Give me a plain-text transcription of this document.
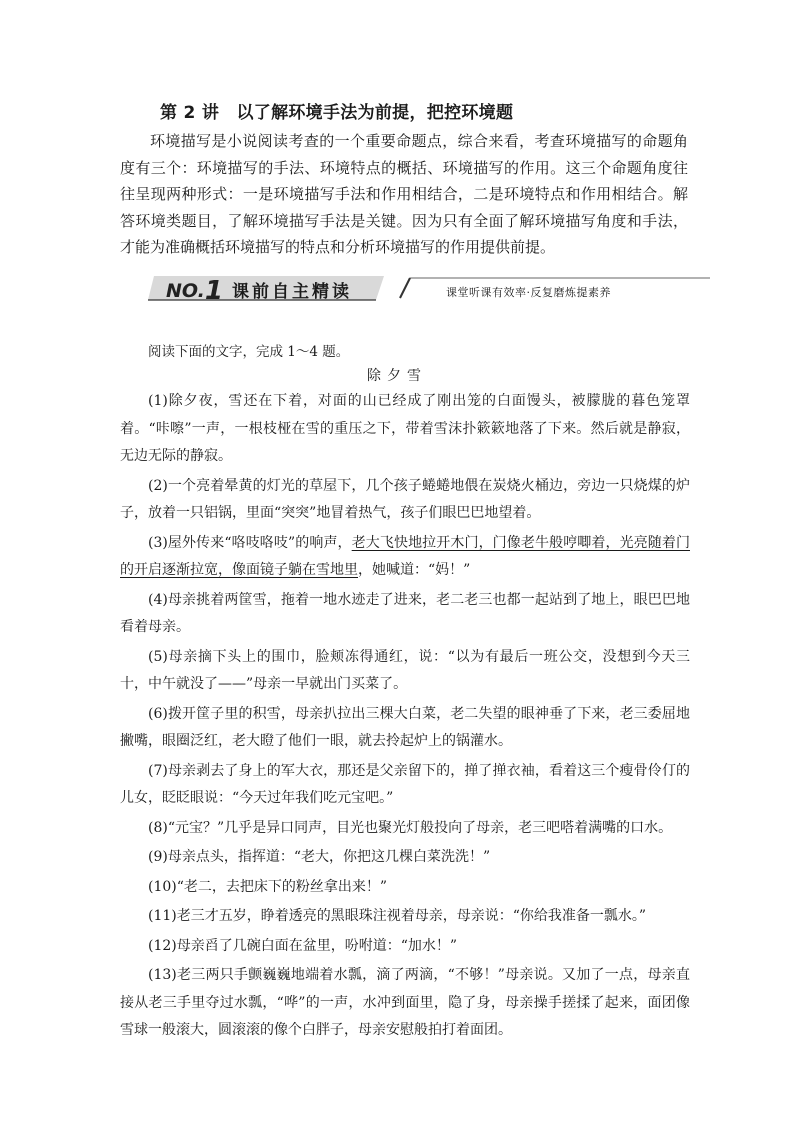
第 2 讲　以了解环境手法为前提，把控环境题

环境描写是小说阅读考查的一个重要命题点，综合来看，考查环境描写的命题角度有三个：环境描写的手法、环境特点的概括、环境描写的作用。这三个命题角度往往呈现两种形式：一是环境描写手法和作用相结合，二是环境特点和作用相结合。解答环境类题目，了解环境描写手法是关键。因为只有全面了解环境描写角度和手法，才能为准确概括环境描写的特点和分析环境描写的作用提供前提。

NO.1 课前自主精读	课堂听课有效率·反复磨炼提素养
阅读下面的文字，完成 1～4 题。
除夕雪

(1)除夕夜，雪还在下着，对面的山已经成了刚出笼的白面馒头，被朦胧的暮色笼罩着。“咔嚓”一声，一根枝桠在雪的重压之下，带着雪沫扑簌簌地落了下来。然后就是静寂，无边无际的静寂。

(2)一个亮着晕黄的灯光的草屋下，几个孩子蜷蜷地偎在炭烧火桶边，旁边一只烧煤的炉子，放着一只铝锅，里面“突突”地冒着热气，孩子们眼巴巴地望着。

(3)屋外传来“咯吱咯吱”的响声，老大飞快地拉开木门，门像老牛般哼唧着，光亮随着门的开启逐渐拉宽，像面镜子躺在雪地里，她喊道：“妈！”

(4)母亲挑着两筐雪，拖着一地水迹走了进来，老二老三也都一起站到了地上，眼巴巴地看着母亲。

(5)母亲摘下头上的围巾，脸颊冻得通红，说：“以为有最后一班公交，没想到今天三十，中午就没了——”母亲一早就出门买菜了。

(6)拨开筐子里的积雪，母亲扒拉出三棵大白菜，老二失望的眼神垂了下来，老三委屈地撇嘴，眼圈泛红，老大瞪了他们一眼，就去拎起炉上的锅灌水。

(7)母亲剥去了身上的军大衣，那还是父亲留下的，掸了掸衣袖，看着这三个瘦骨伶仃的儿女，眨眨眼说：“今天过年我们吃元宝吧。”

(8)“元宝？”几乎是异口同声，目光也聚光灯般投向了母亲，老三吧嗒着满嘴的口水。

(9)母亲点头，指挥道：“老大，你把这几棵白菜洗洗！”

(10)“老二，去把床下的粉丝拿出来！”

(11)老三才五岁，睁着透亮的黑眼珠注视着母亲，母亲说：“你给我准备一瓢水。”

(12)母亲舀了几碗白面在盆里，吩咐道：“加水！”

(13)老三两只手颤巍巍地端着水瓢，滴了两滴，“不够！”母亲说。又加了一点，母亲直接从老三手里夺过水瓢，“哗”的一声，水冲到面里，隐了身，母亲操手搓揉了起来，面团像雪球一般滚大，圆滚滚的像个白胖子，母亲安慰般拍打着面团。
